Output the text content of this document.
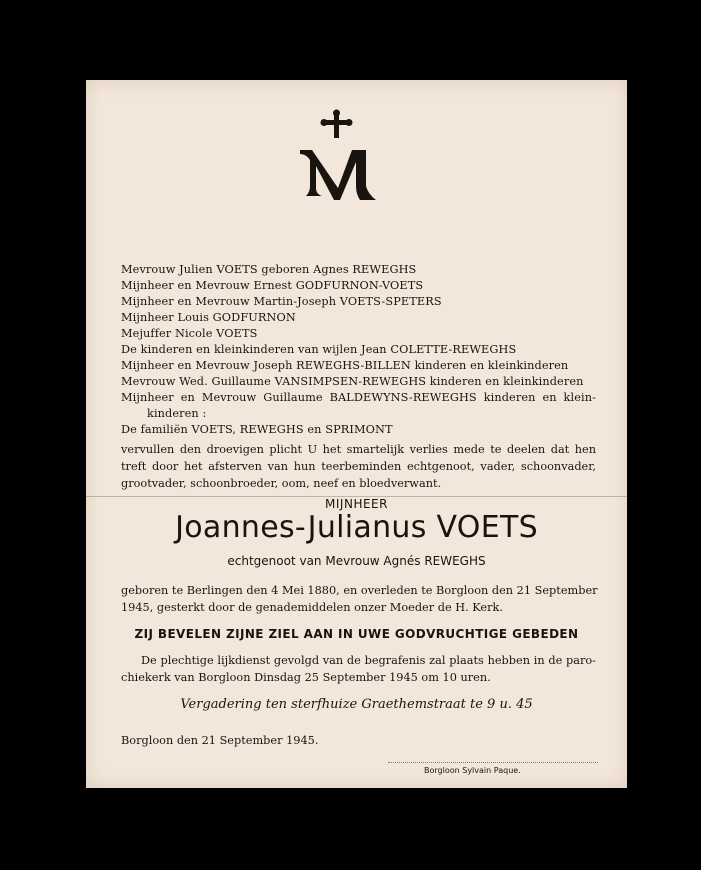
Mevrouw Julien VOETS geboren Agnes REWEGHS
Mijnheer en Mevrouw Ernest GODFURNON-VOETS
Mijnheer en Mevrouw Martin-Joseph VOETS-SPETERS
Mijnheer Louis GODFURNON
Mejuffer Nicole VOETS
De kinderen en kleinkinderen van wijlen Jean COLETTE-REWEGHS
Mijnheer en Mevrouw Joseph REWEGHS-BILLEN kinderen en kleinkinderen
Mevrouw Wed. Guillaume VANSIMPSEN-REWEGHS kinderen en kleinkinderen
Mijnheer en Mevrouw Guillaume BALDEWYNS-REWEGHS kinderen en klein-
kinderen :
De familiën VOETS, REWEGHS en SPRIMONT
vervullen den droevigen plicht U het smartelijk verlies mede te deelen dat hen
treft door het afsterven van hun teerbeminden echtgenoot, vader, schoonvader,
grootvader, schoonbroeder, oom, neef en bloedverwant.
MIJNHEER
Joannes-Julianus VOETS
echtgenoot van Mevrouw Agnés REWEGHS
geboren te Berlingen den 4 Mei 1880, en overleden te Borgloon den 21 September
1945, gesterkt door de genademiddelen onzer Moeder de H. Kerk.
ZIJ BEVELEN ZIJNE ZIEL AAN IN UWE GODVRUCHTIGE GEBEDEN
De plechtige lijkdienst gevolgd van de begrafenis zal plaats hebben in de paro-
chiekerk van Borgloon Dinsdag 25 September 1945 om 10 uren.
Vergadering ten sterfhuize Graethemstraat te 9 u. 45
Borgloon den 21 September 1945.
Borgloon Sylvain Paque.
